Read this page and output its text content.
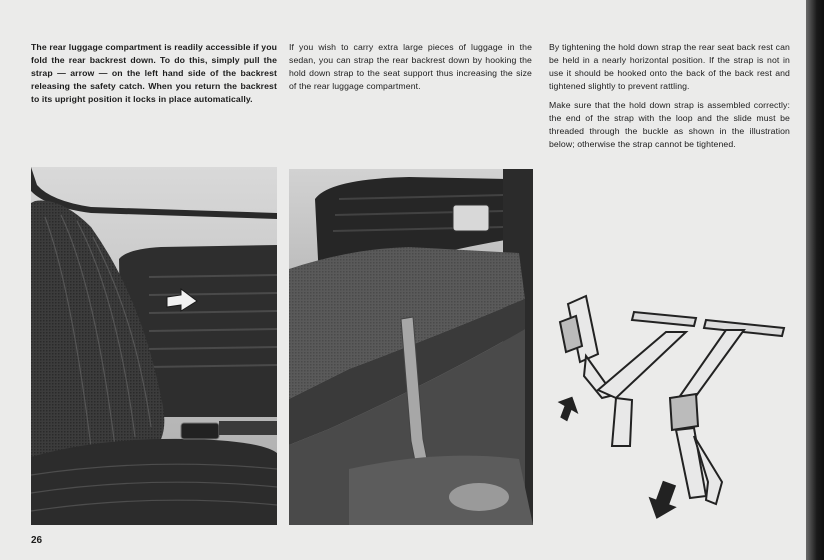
The rear luggage compartment is readily accessible if you fold the rear backrest down. To do this, simply pull the strap — arrow — on the left hand side of the backrest releasing the safety catch. When you return the backrest to its upright position it locks in place automatically.

If you wish to carry extra large pieces of luggage in the sedan, you can strap the rear backrest down by hooking the hold down strap to the seat support thus increasing the size of the rear luggage compartment.

By tightening the hold down strap the rear seat back rest can be held in a nearly horizontal position. If the strap is not in use it should be hooked onto the back of the back rest and tightened slightly to prevent rattling.

Make sure that the hold down strap is assembled correctly: the end of the strap with the loop and the slide must be threaded through the buckle as shown in the illustration below; otherwise the strap cannot be tightened.

26
